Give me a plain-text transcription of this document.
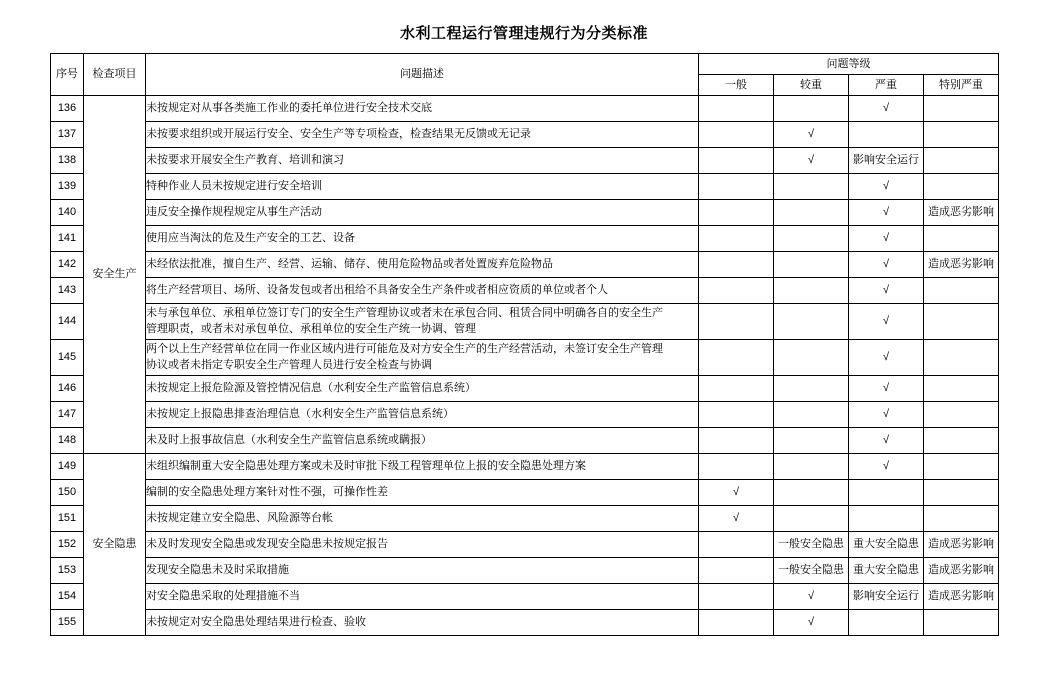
水利工程运行管理违规行为分类标准
序号	检查项目	问题描述	问题等级			
			一般	较重	严重	特别严重
136	安全生产	未按规定对从事各类施工作业的委托单位进行安全技术交底			√	
137		未按要求组织或开展运行安全、安全生产等专项检查，检查结果无反馈或无记录		√		
138		未按要求开展安全生产教育、培训和演习		√	影响安全运行	
139		特种作业人员未按规定进行安全培训			√	
140		违反安全操作规程规定从事生产活动			√	造成恶劣影响
141		使用应当淘汰的危及生产安全的工艺、设备			√	
142		未经依法批准，擅自生产、经营、运输、储存、使用危险物品或者处置废弃危险物品			√	造成恶劣影响
143		将生产经营项目、场所、设备发包或者出租给不具备安全生产条件或者相应资质的单位或者个人			√	
144		未与承包单位、承租单位签订专门的安全生产管理协议或者未在承包合同、租赁合同中明确各自的安全生产
管理职责，或者未对承包单位、承租单位的安全生产统一协调、管理			√	
145		两个以上生产经营单位在同一作业区域内进行可能危及对方安全生产的生产经营活动，未签订安全生产管理
协议或者未指定专职安全生产管理人员进行安全检查与协调			√	
146		未按规定上报危险源及管控情况信息（水利安全生产监管信息系统）			√	
147		未按规定上报隐患排查治理信息（水利安全生产监管信息系统）			√	
148		未及时上报事故信息（水利安全生产监管信息系统或瞒报）			√	
149	安全隐患	未组织编制重大安全隐患处理方案或未及时审批下级工程管理单位上报的安全隐患处理方案			√	
150		编制的安全隐患处理方案针对性不强，可操作性差	√			
151		未按规定建立安全隐患、风险源等台帐	√			
152		未及时发现安全隐患或发现安全隐患未按规定报告		一般安全隐患	重大安全隐患	造成恶劣影响
153		发现安全隐患未及时采取措施		一般安全隐患	重大安全隐患	造成恶劣影响
154		对安全隐患采取的处理措施不当		√	影响安全运行	造成恶劣影响
155		未按规定对安全隐患处理结果进行检查、验收		√		
